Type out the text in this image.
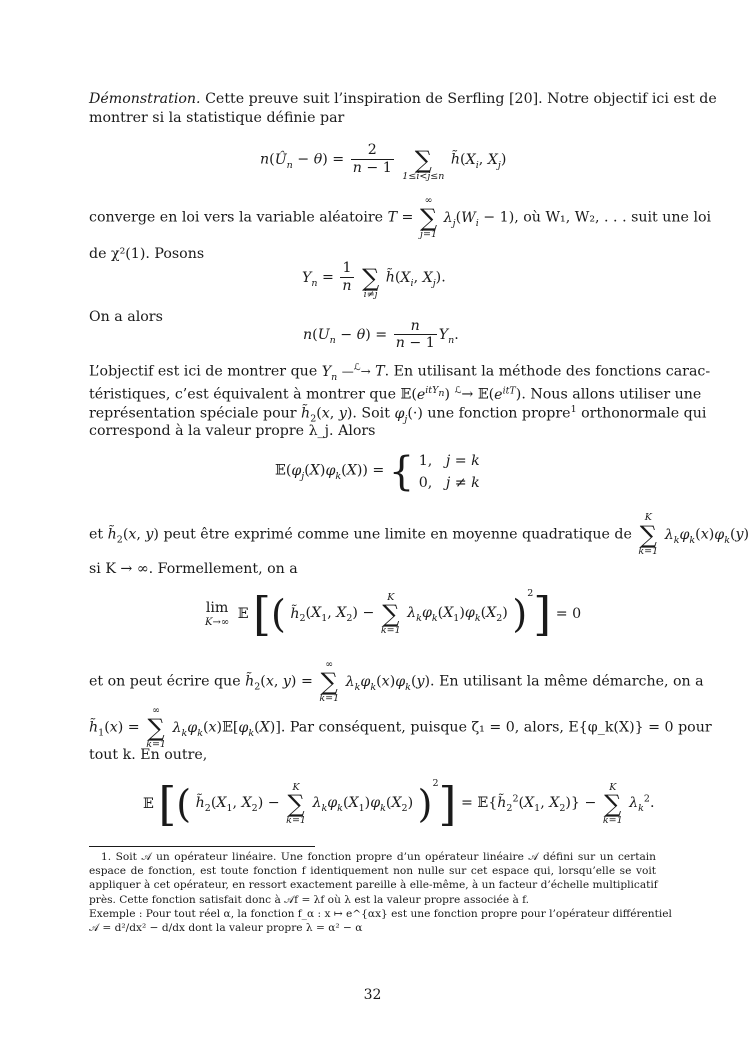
Démonstration. Cette preuve suit l’inspiration de Serfling [20]. Notre objectif ici est de
montrer si la statistique définie par
$n(Û_n - \theta) = \frac{2}{n - 1}$

∑
1≤i<j≤n
$h̃(X_i$, $X_j$)
converge en loi vers la variable aléatoire T =
∞
∑
j=1
$\lambda_j(W_i - 1)$, où W₁, W₂, . . . suit une loi
de χ²(1). Posons
$Y_n = \frac{1}{n}$

∑
i≠j
$h̃(X_i$, $X_j$).
On a alors
$n(U_n - \theta) = \frac{n}{n - 1} Y_n$.
L’objectif est ici de montrer que $Y_n$ —$^ℒ$→ T. En utilisant la méthode des fonctions carac-
téristiques, c’est équivalent à montrer que $𝔼(e^{itY_n})$ $^ℒ\to 𝔼(e^{itT})$. Nous allons utiliser une
représentation spéciale pour $h̃_2(x$, y). Soit $\varphi_j(\cdot)$ une fonction propre$^1$ orthonormale qui
correspond à la valeur propre λ_j. Alors
$𝔼(\varphi_j(X)\varphi_k(X))$ = { 1,   j = k
0,   j ≠ k
et $h̃_2(x$, y) peut être exprimé comme une limite en moyenne quadratique de
K
∑
k=1
$\lambda_k\varphi_k(x)\varphi_k(y)$
si K → ∞. Formellement, on a
lim
K→∞
𝔼 [( $h̃_2(X_1$, $X_2$) −
K
∑
k=1
$\lambda_k\varphi_k(X_1)\varphi_k(X_2) )^2] = 0$
et on peut écrire que $h̃_2(x$, y) =
∞
∑
k=1
$\lambda_k\varphi_k(x)\varphi_k(y)$. En utilisant la même démarche, on a
$h̃_1(x)$ =
∞
∑
k=1
$\lambda_k\varphi_k(x)𝔼[\varphi_k(X)]$. Par conséquent, puisque ζ₁ = 0, alors, E{φ_k(X)} = 0 pour
tout k. En outre,
𝔼 [( $h̃_2(X_1$, $X_2$) −
K
∑
k=1
$\lambda_k\varphi_k(X_1)\varphi_k(X_2) )^2$] = $𝔼\{h̃_2^2(X_1$, $X_2$)} −
K
∑
k=1
$\lambda_k^2$.
1. Soit 𝒜 un opérateur linéaire. Une fonction propre d’un opérateur linéaire 𝒜 défini sur un certain
espace de fonction, est toute fonction f identiquement non nulle sur cet espace qui, lorsqu’elle se voit
appliquer à cet opérateur, en ressort exactement pareille à elle-même, à un facteur d’échelle multiplicatif
près. Cette fonction satisfait donc à 𝒜f = λf où λ est la valeur propre associée à f.
Exemple : Pour tout réel α, la fonction f_α : x ↦ e^{αx} est une fonction propre pour l’opérateur différentiel
𝒜 = d²/dx² − d/dx dont la valeur propre λ = α² − α
32
